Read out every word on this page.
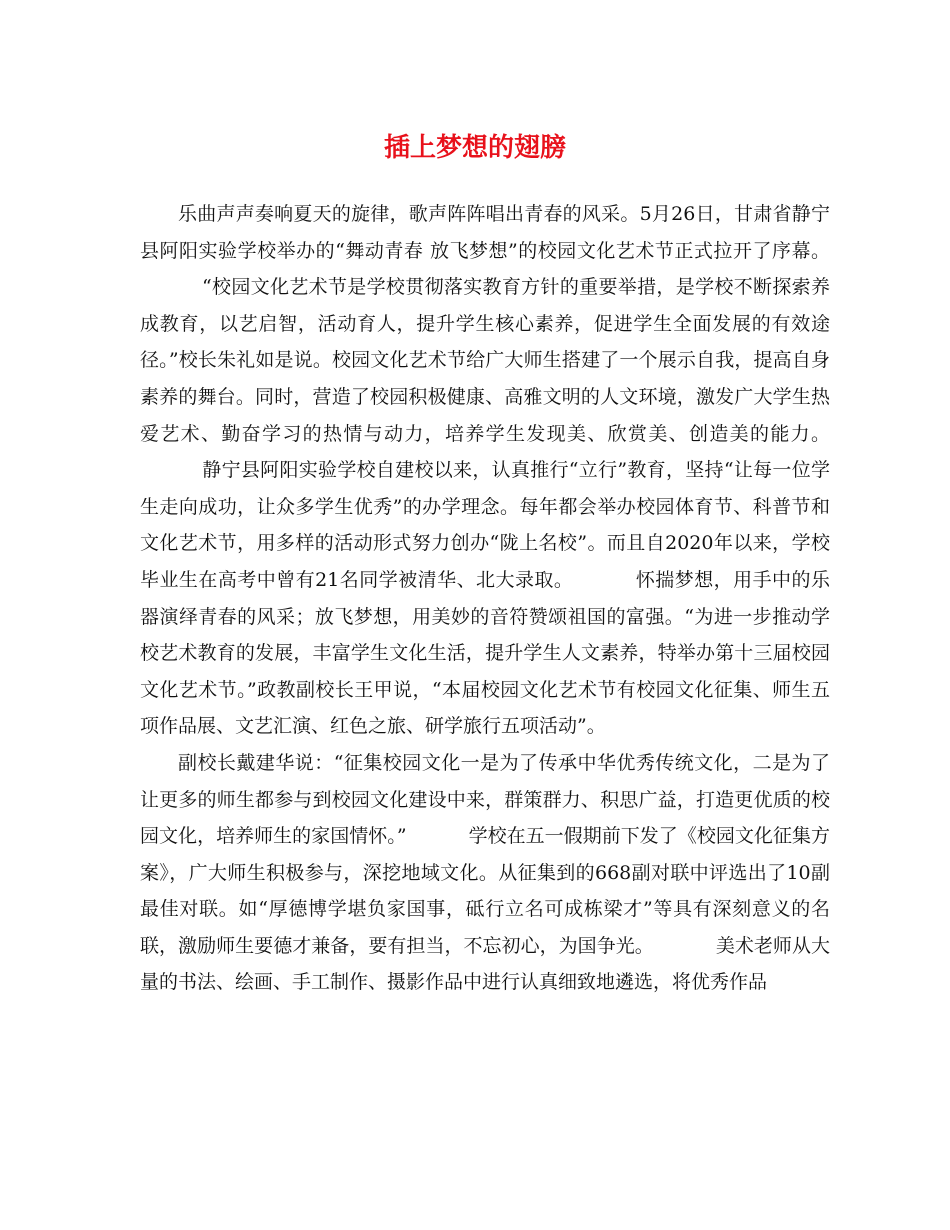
插上梦想的翅膀

乐曲声声奏响夏天的旋律，歌声阵阵唱出青春的风采。5月26日，甘肃省静宁县阿阳实验学校举办的“舞动青春 放飞梦想”的校园文化艺术节正式拉开了序幕。“校园文化艺术节是学校贯彻落实教育方针的重要举措，是学校不断探索养成教育，以艺启智，活动育人，提升学生核心素养，促进学生全面发展的有效途径。”校长朱礼如是说。校园文化艺术节给广大师生搭建了一个展示自我，提高自身素养的舞台。同时，营造了校园积极健康、高雅文明的人文环境，激发广大学生热爱艺术、勤奋学习的热情与动力，培养学生发现美、欣赏美、创造美的能力。静宁县阿阳实验学校自建校以来，认真推行“立行”教育，坚持“让每一位学生走向成功，让众多学生优秀”的办学理念。每年都会举办校园体育节、科普节和文化艺术节，用多样的活动形式努力创办“陇上名校”。而且自2020年以来，学校毕业生在高考中曾有21名同学被清华、北大录取。	怀揣梦想，用手中的乐器演绎青春的风采；放飞梦想，用美妙的音符赞颂祖国的富强。“为进一步推动学校艺术教育的发展，丰富学生文化生活，提升学生人文素养，特举办第十三届校园文化艺术节。”政教副校长王甲说，“本届校园文化艺术节有校园文化征集、师生五项作品展、文艺汇演、红色之旅、研学旅行五项活动”。

副校长戴建华说：“征集校园文化一是为了传承中华优秀传统文化，二是为了让更多的师生都参与到校园文化建设中来，群策群力、积思广益，打造更优质的校园文化，培养师生的家国情怀。”	学校在五一假期前下发了《校园文化征集方案》，广大师生积极参与，深挖地域文化。从征集到的668副对联中评选出了10副最佳对联。如“厚德博学堪负家国事，砥行立名可成栋梁才”等具有深刻意义的名联，激励师生要德才兼备，要有担当，不忘初心，为国争光。	美术老师从大量的书法、绘画、手工制作、摄影作品中进行认真细致地遴选，将优秀作品
